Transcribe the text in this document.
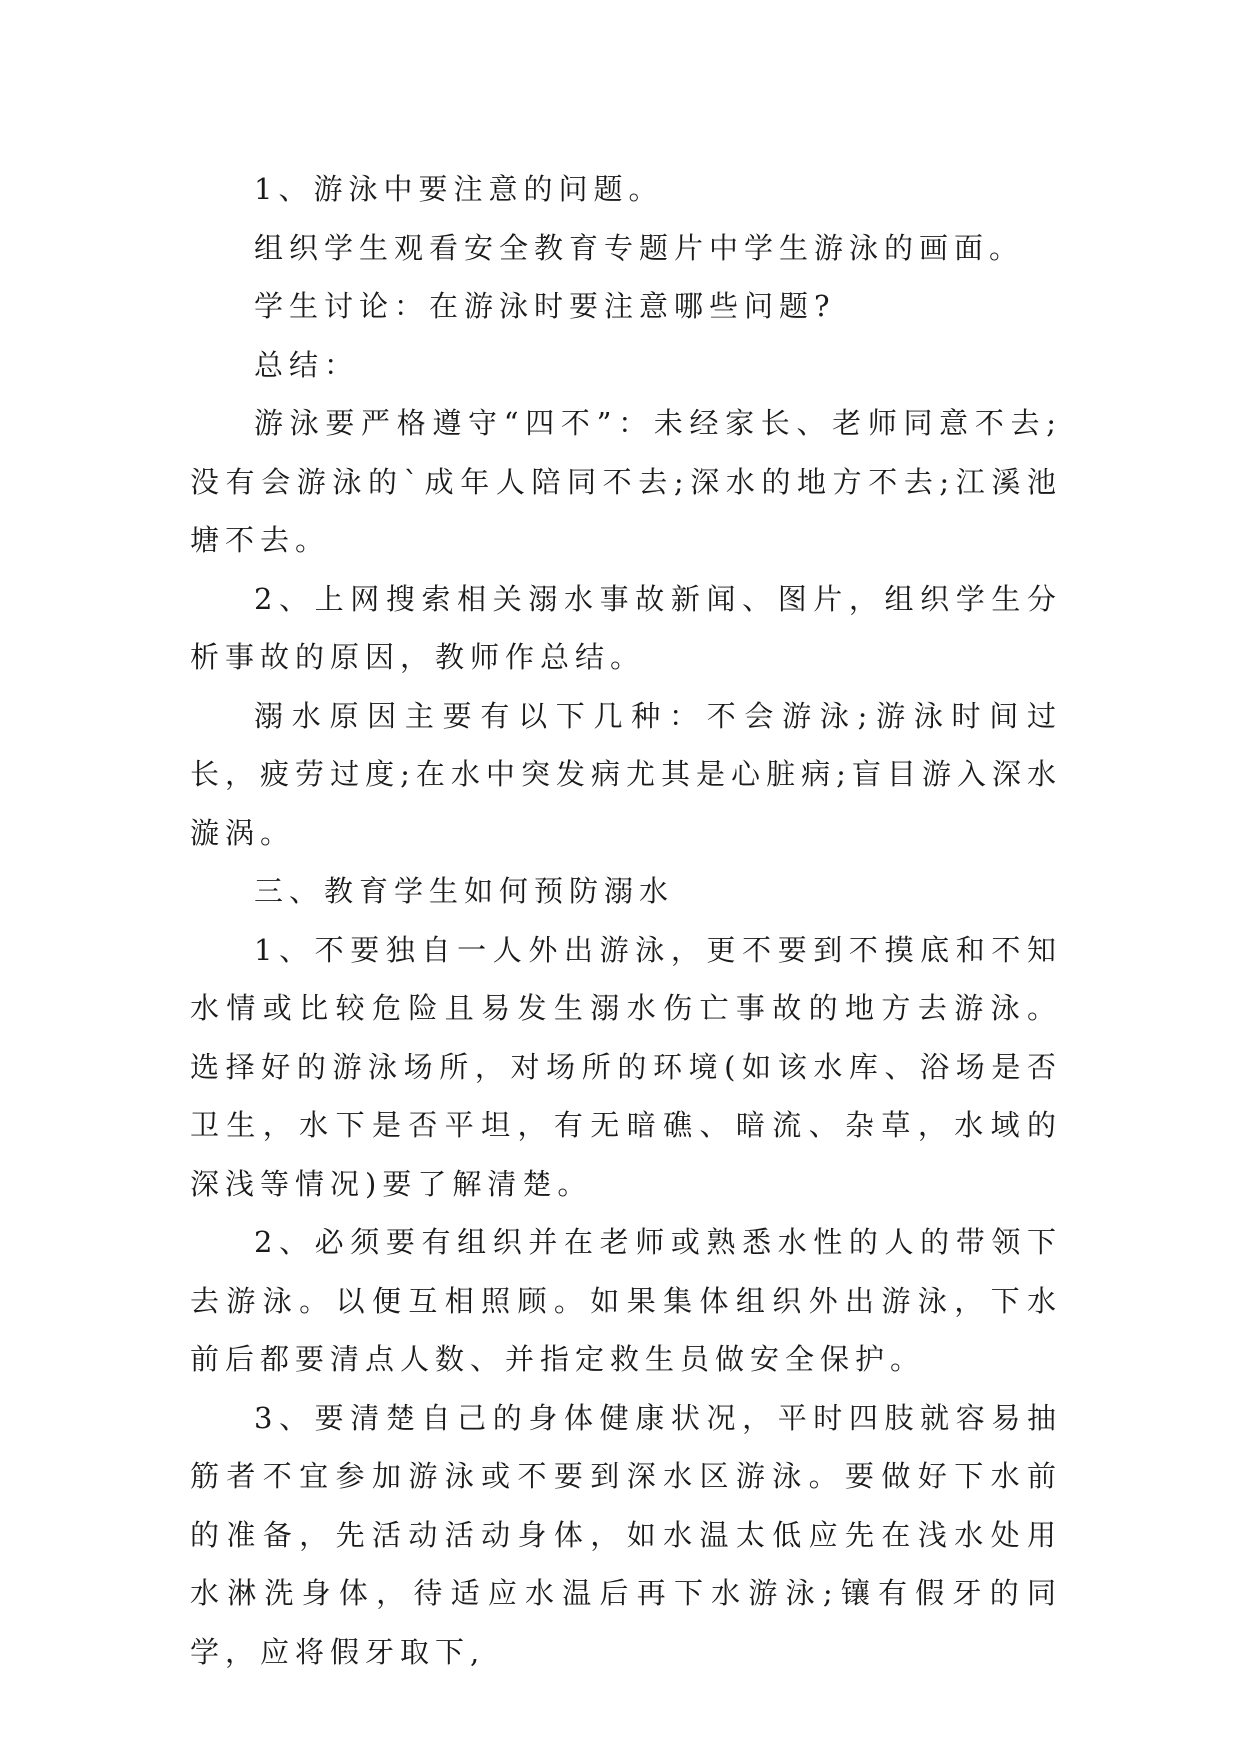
1、游泳中要注意的问题。

组织学生观看安全教育专题片中学生游泳的画面。

学生讨论：在游泳时要注意哪些问题?

总结：

游泳要严格遵守“四不”：未经家长、老师同意不去;没有会游泳的`成年人陪同不去;深水的地方不去;江溪池塘不去。

2、上网搜索相关溺水事故新闻、图片，组织学生分析事故的原因，教师作总结。

溺水原因主要有以下几种：不会游泳;游泳时间过长，疲劳过度;在水中突发病尤其是心脏病;盲目游入深水漩涡。

三、教育学生如何预防溺水

1、不要独自一人外出游泳，更不要到不摸底和不知水情或比较危险且易发生溺水伤亡事故的地方去游泳。选择好的游泳场所，对场所的环境(如该水库、浴场是否卫生，水下是否平坦，有无暗礁、暗流、杂草，水域的深浅等情况)要了解清楚。

2、必须要有组织并在老师或熟悉水性的人的带领下去游泳。以便互相照顾。如果集体组织外出游泳，下水前后都要清点人数、并指定救生员做安全保护。

3、要清楚自己的身体健康状况，平时四肢就容易抽筋者不宜参加游泳或不要到深水区游泳。要做好下水前的准备，先活动活动身体，如水温太低应先在浅水处用水淋洗身体，待适应水温后再下水游泳;镶有假牙的同学，应将假牙取下,
